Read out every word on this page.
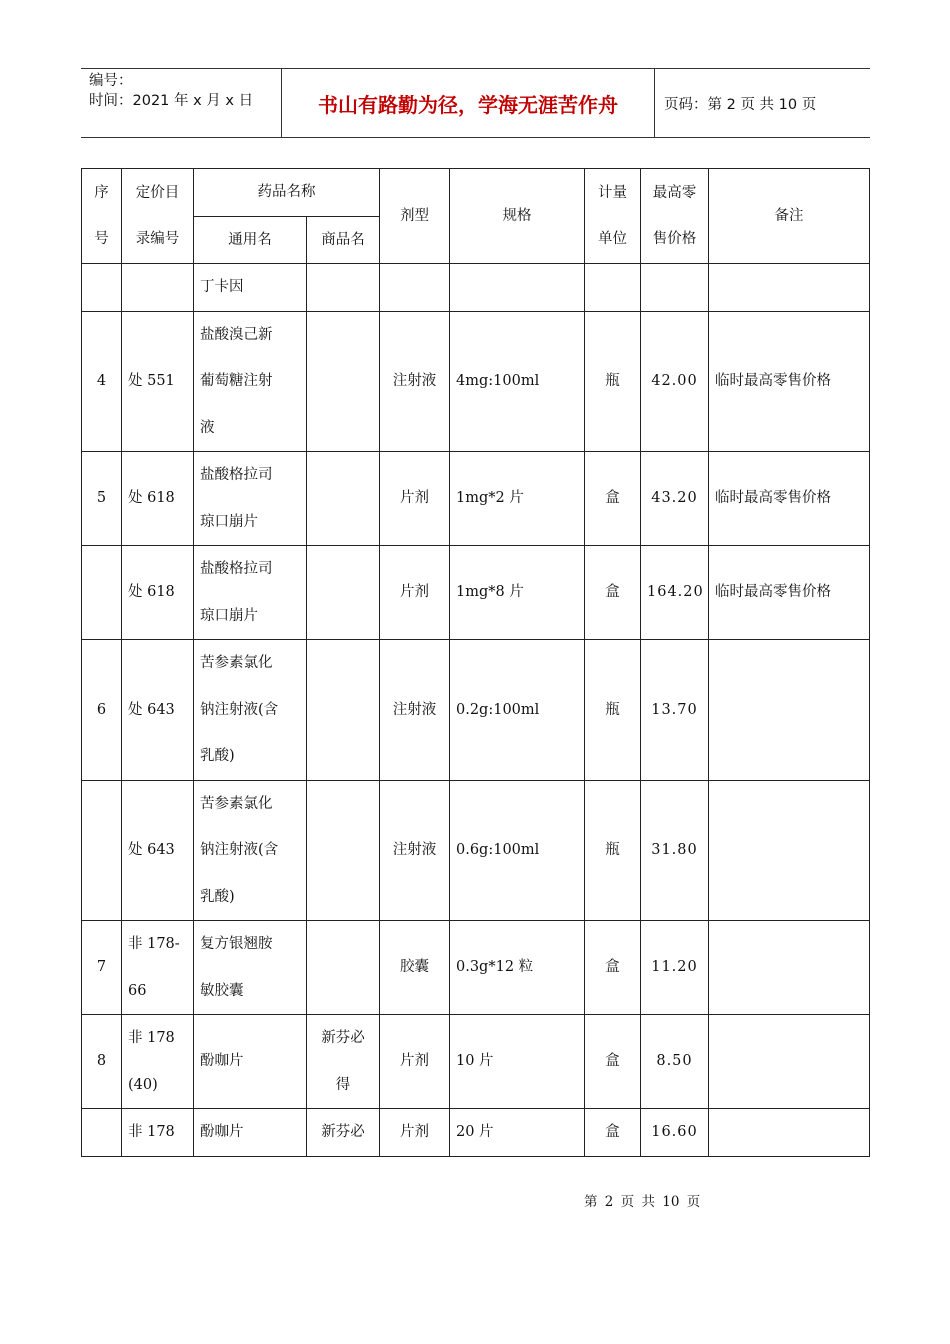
编号：
时间：2021 年 x 月 x 日	书山有路勤为径，学海无涯苦作舟	页码：第 2 页 共 10 页
序
号	定价目
录编号	药品名称		剂型	规格	计量
单位	最高零
售价格	备注
		通用名	商品名					
		丁卡因						
4	处 551	盐酸溴己新
葡萄糖注射
液		注射液	4mg:100ml	瓶	42.00	临时最高零售价格
5	处 618	盐酸格拉司
琼口崩片		片剂	1mg*2 片	盒	43.20	临时最高零售价格
	处 618	盐酸格拉司
琼口崩片		片剂	1mg*8 片	盒	164.20	临时最高零售价格
6	处 643	苦参素氯化
钠注射液(含
乳酸)		注射液	0.2g:100ml	瓶	13.70	
	处 643	苦参素氯化
钠注射液(含
乳酸)		注射液	0.6g:100ml	瓶	31.80	
7	非 178-
66	复方银翘胺
敏胶囊		胶囊	0.3g*12 粒	盒	11.20	
8	非 178
(40)	酚咖片	新芬必
得	片剂	10 片	盒	8.50	
	非 178	酚咖片	新芬必	片剂	20 片	盒	16.60	
第 2 页 共 10 页
